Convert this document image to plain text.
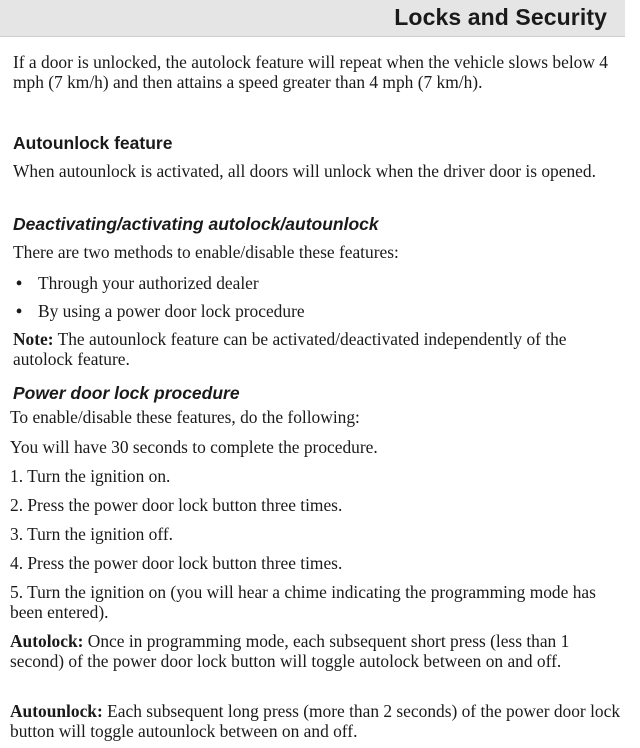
Locks and Security
If a door is unlocked, the autolock feature will repeat when the vehicle slows below 4 mph (7 km/h) and then attains a speed greater than 4 mph (7 km/h).
Autounlock feature
When autounlock is activated, all doors will unlock when the driver door is opened.
Deactivating/activating autolock/autounlock
There are two methods to enable/disable these features:
• Through your authorized dealer
• By using a power door lock procedure
Note: The autounlock feature can be activated/deactivated independently of the autolock feature.
Power door lock procedure
To enable/disable these features, do the following:
You will have 30 seconds to complete the procedure.
1. Turn the ignition on.
2. Press the power door lock button three times.
3. Turn the ignition off.
4. Press the power door lock button three times.
5. Turn the ignition on (you will hear a chime indicating the programming mode has been entered).
Autolock: Once in programming mode, each subsequent short press (less than 1 second) of the power door lock button will toggle autolock between on and off.
Autounlock: Each subsequent long press (more than 2 seconds) of the power door lock button will toggle autounlock between on and off.
